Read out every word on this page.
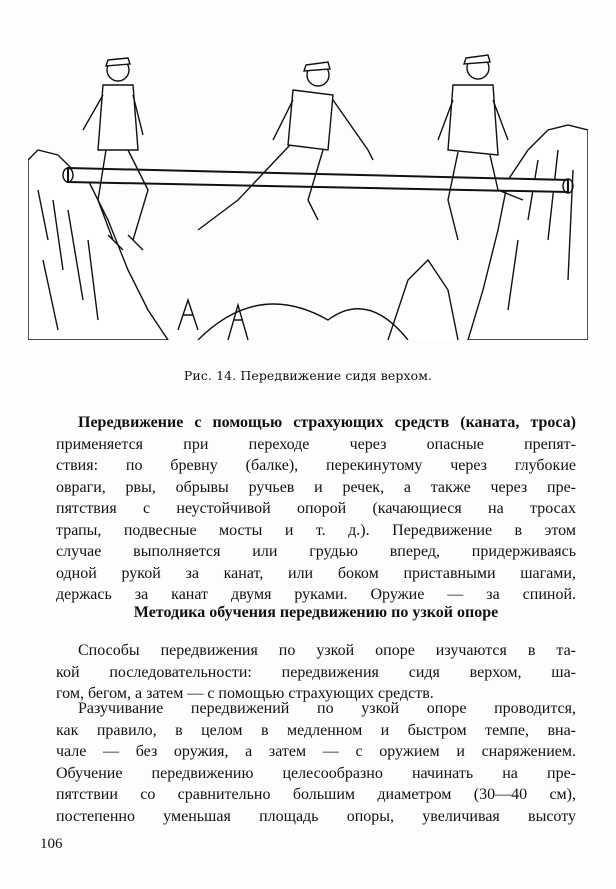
Рис. 14. Передвижение сидя верхом.
Передвижение с помощью страхующих средств (каната, троса) применяется при переходе через опасные препят-
ствия: по бревну (балке), перекинутому через глубокие
овраги, рвы, обрывы ручьев и речек, а также через пре-
пятствия с неустойчивой опорой (качающиеся на тросах
трапы, подвесные мосты и т. д.). Передвижение в этом
случае выполняется или грудью вперед, придерживаясь
одной рукой за канат, или боком приставными шагами,
держась за канат двумя руками. Оружие — за спиной.
Методика обучения передвижению по узкой опоре
Способы передвижения по узкой опоре изучаются в та-
кой последовательности: передвижения сидя верхом, ша-
гом, бегом, а затем — с помощью страхующих средств.
Разучивание передвижений по узкой опоре проводится,
как правило, в целом в медленном и быстром темпе, вна-
чале — без оружия, а затем — с оружием и снаряжением.
Обучение передвижению целесообразно начинать на пре-
пятствии со сравнительно большим диаметром (30—40 см),
постепенно уменьшая площадь опоры, увеличивая высоту
106
